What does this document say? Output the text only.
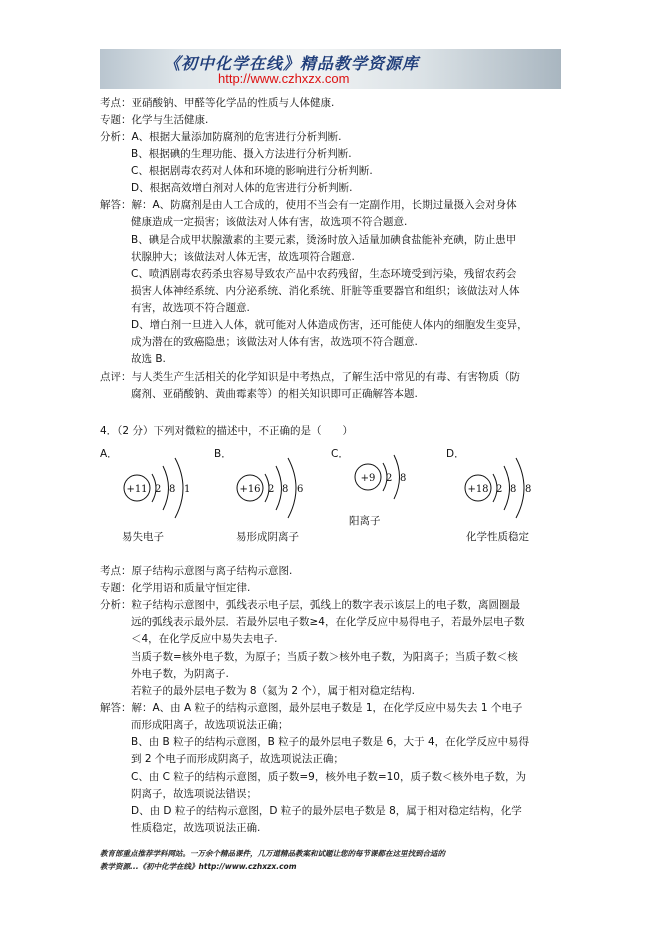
《初中化学在线》精品教学资源库
http://www.czhxzx.com
考点：亚硝酸钠、甲醛等化学品的性质与人体健康.
专题：化学与生活健康.
分析：A、根据大量添加防腐剂的危害进行分析判断.
B、根据碘的生理功能、摄入方法进行分析判断.
C、根据剧毒农药对人体和环境的影响进行分析判断.
D、根据高效增白剂对人体的危害进行分析判断.
解答：解：A、防腐剂是由人工合成的，使用不当会有一定副作用，长期过量摄入会对身体
健康造成一定损害；该做法对人体有害，故选项不符合题意.
B、碘是合成甲状腺激素的主要元素，烫汤时放入适量加碘食盐能补充碘，防止患甲
状腺肿大；该做法对人体无害，故选项符合题意.
C、喷洒剧毒农药杀虫容易导致农产品中农药残留，生态环境受到污染，残留农药会
损害人体神经系统、内分泌系统、消化系统、肝脏等重要器官和组织；该做法对人体
有害，故选项不符合题意.
D、增白剂一旦进入人体，就可能对人体造成伤害，还可能使人体内的细胞发生变异，
成为潜在的致癌隐患；该做法对人体有害，故选项不符合题意.
故选 B.
点评：与人类生产生活相关的化学知识是中考热点，了解生活中常见的有毒、有害物质（防
腐剂、亚硝酸钠、黄曲霉素等）的相关知识即可正确解答本题.
4．（2 分）下列对微粒的描述中，不正确的是（　　）
A．	B．	C．	D．
+11 2 8 1	+16 2 8 6
+9 2 8
+18 2 8 8
易失电子	易形成阴离子
阳离子
化学性质稳定
考点：原子结构示意图与离子结构示意图.
专题：化学用语和质量守恒定律.
分析：粒子结构示意图中，弧线表示电子层，弧线上的数字表示该层上的电子数，离圆圈最
远的弧线表示最外层．若最外层电子数≥4，在化学反应中易得电子，若最外层电子数
＜4，在化学反应中易失去电子.
当质子数=核外电子数，为原子；当质子数＞核外电子数，为阳离子；当质子数＜核
外电子数，为阴离子.
若粒子的最外层电子数为 8（氦为 2 个），属于相对稳定结构.
解答：解：A、由 A 粒子的结构示意图，最外层电子数是 1，在化学反应中易失去 1 个电子
而形成阳离子，故选项说法正确；
B、由 B 粒子的结构示意图，B 粒子的最外层电子数是 6，大于 4，在化学反应中易得
到 2 个电子而形成阴离子，故选项说法正确；
C、由 C 粒子的结构示意图，质子数=9，核外电子数=10，质子数＜核外电子数，为
阴离子，故选项说法错误；
D、由 D 粒子的结构示意图，D 粒子的最外层电子数是 8，属于相对稳定结构，化学
性质稳定，故选项说法正确.
教育部重点推荐学科网站。一万余个精品课件，几万道精品教案和试题让您的每节课都在这里找到合适的
教学资源...《初中化学在线》http://www.czhxzx.com
